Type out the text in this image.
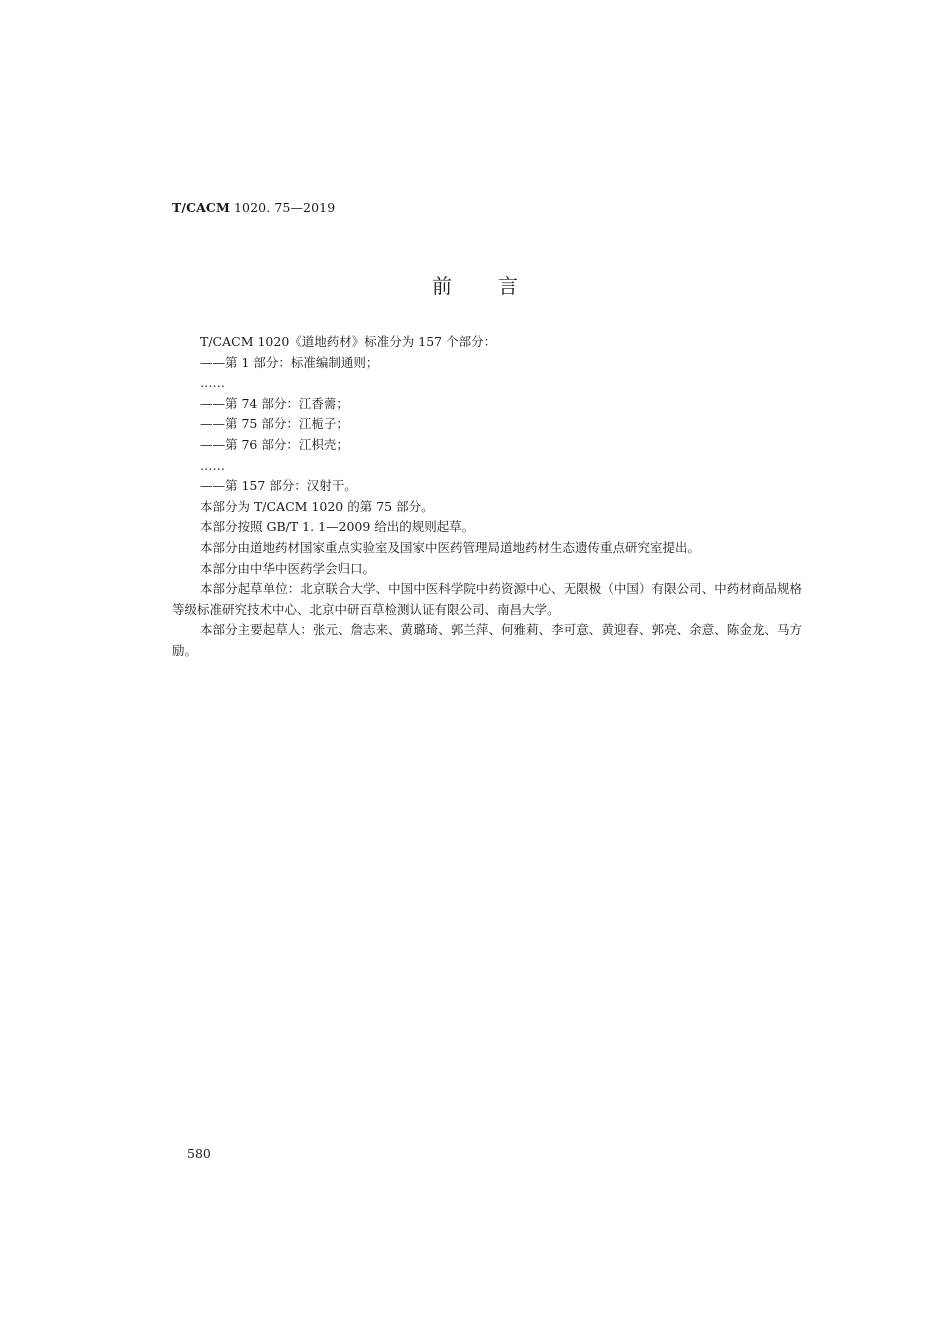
T/CACM 1020. 75—2019
前言

T/CACM 1020《道地药材》标准分为 157 个部分：

——第 1 部分：标准编制通则；

……

——第 74 部分：江香薷；

——第 75 部分：江栀子；

——第 76 部分：江枳壳；

……

——第 157 部分：汉射干。

本部分为 T/CACM 1020 的第 75 部分。

本部分按照 GB/T 1. 1—2009 给出的规则起草。

本部分由道地药材国家重点实验室及国家中医药管理局道地药材生态遗传重点研究室提出。

本部分由中华中医药学会归口。

本部分起草单位：北京联合大学、中国中医科学院中药资源中心、无限极（中国）有限公司、中药材商品规格等级标准研究技术中心、北京中研百草检测认证有限公司、南昌大学。

本部分主要起草人：张元、詹志来、黄璐琦、郭兰萍、何雅莉、李可意、黄迎春、郭亮、余意、陈金龙、马方励。

580
